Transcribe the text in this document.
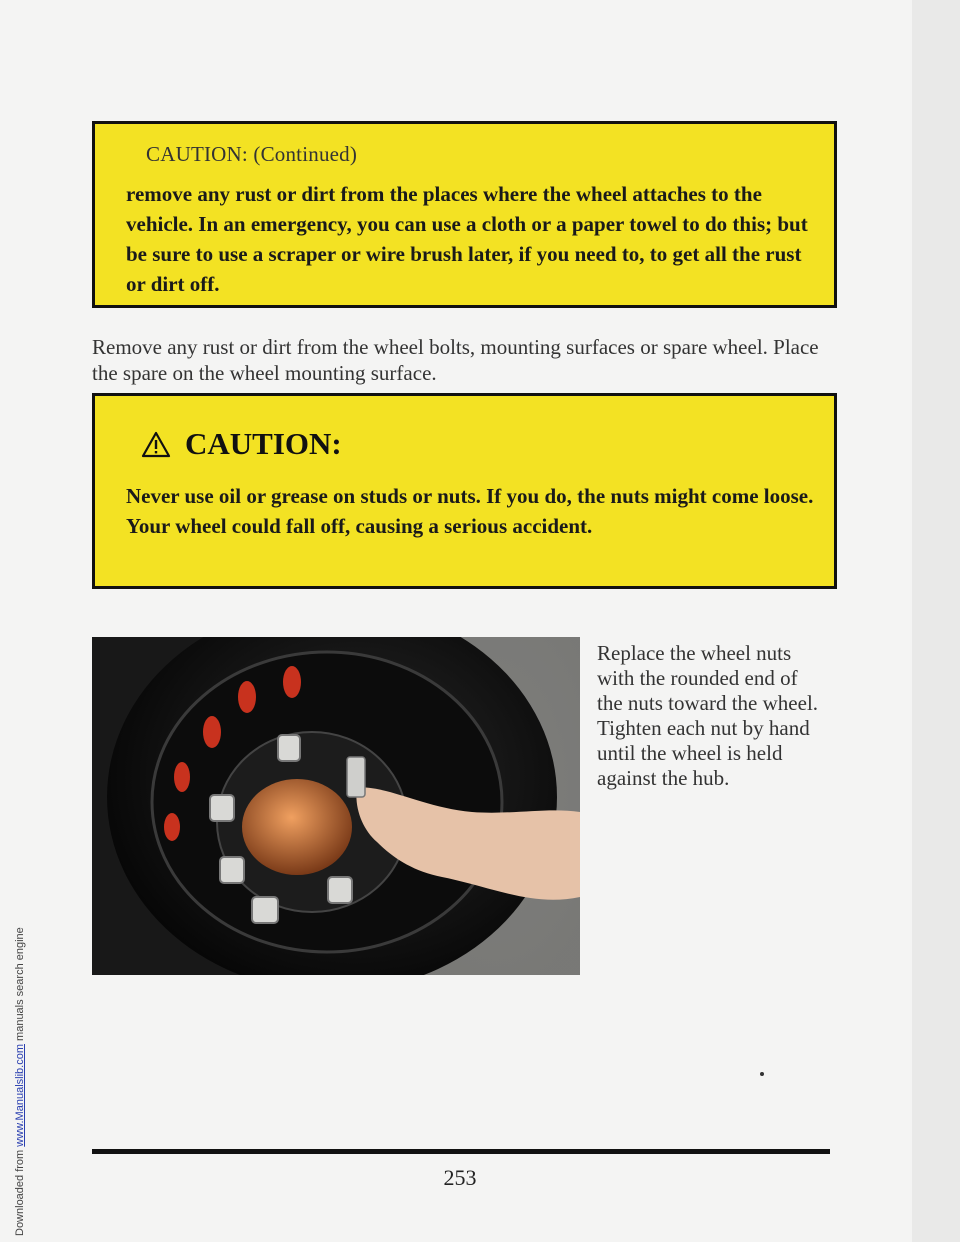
Downloaded from www.Manualslib.com manuals search engine
CAUTION: (Continued)
remove any rust or dirt from the places where the wheel attaches to the vehicle. In an emergency, you can use a cloth or a paper towel to do this; but be sure to use a scraper or wire brush later, if you need to, to get all the rust or dirt off.
Remove any rust or dirt from the wheel bolts, mounting surfaces or spare wheel. Place the spare on the wheel mounting surface.
CAUTION:
Never use oil or grease on studs or nuts. If you do, the nuts might come loose. Your wheel could fall off, causing a serious accident.
Replace the wheel nuts with the rounded end of the nuts toward the wheel. Tighten each nut by hand until the wheel is held against the hub.
253
